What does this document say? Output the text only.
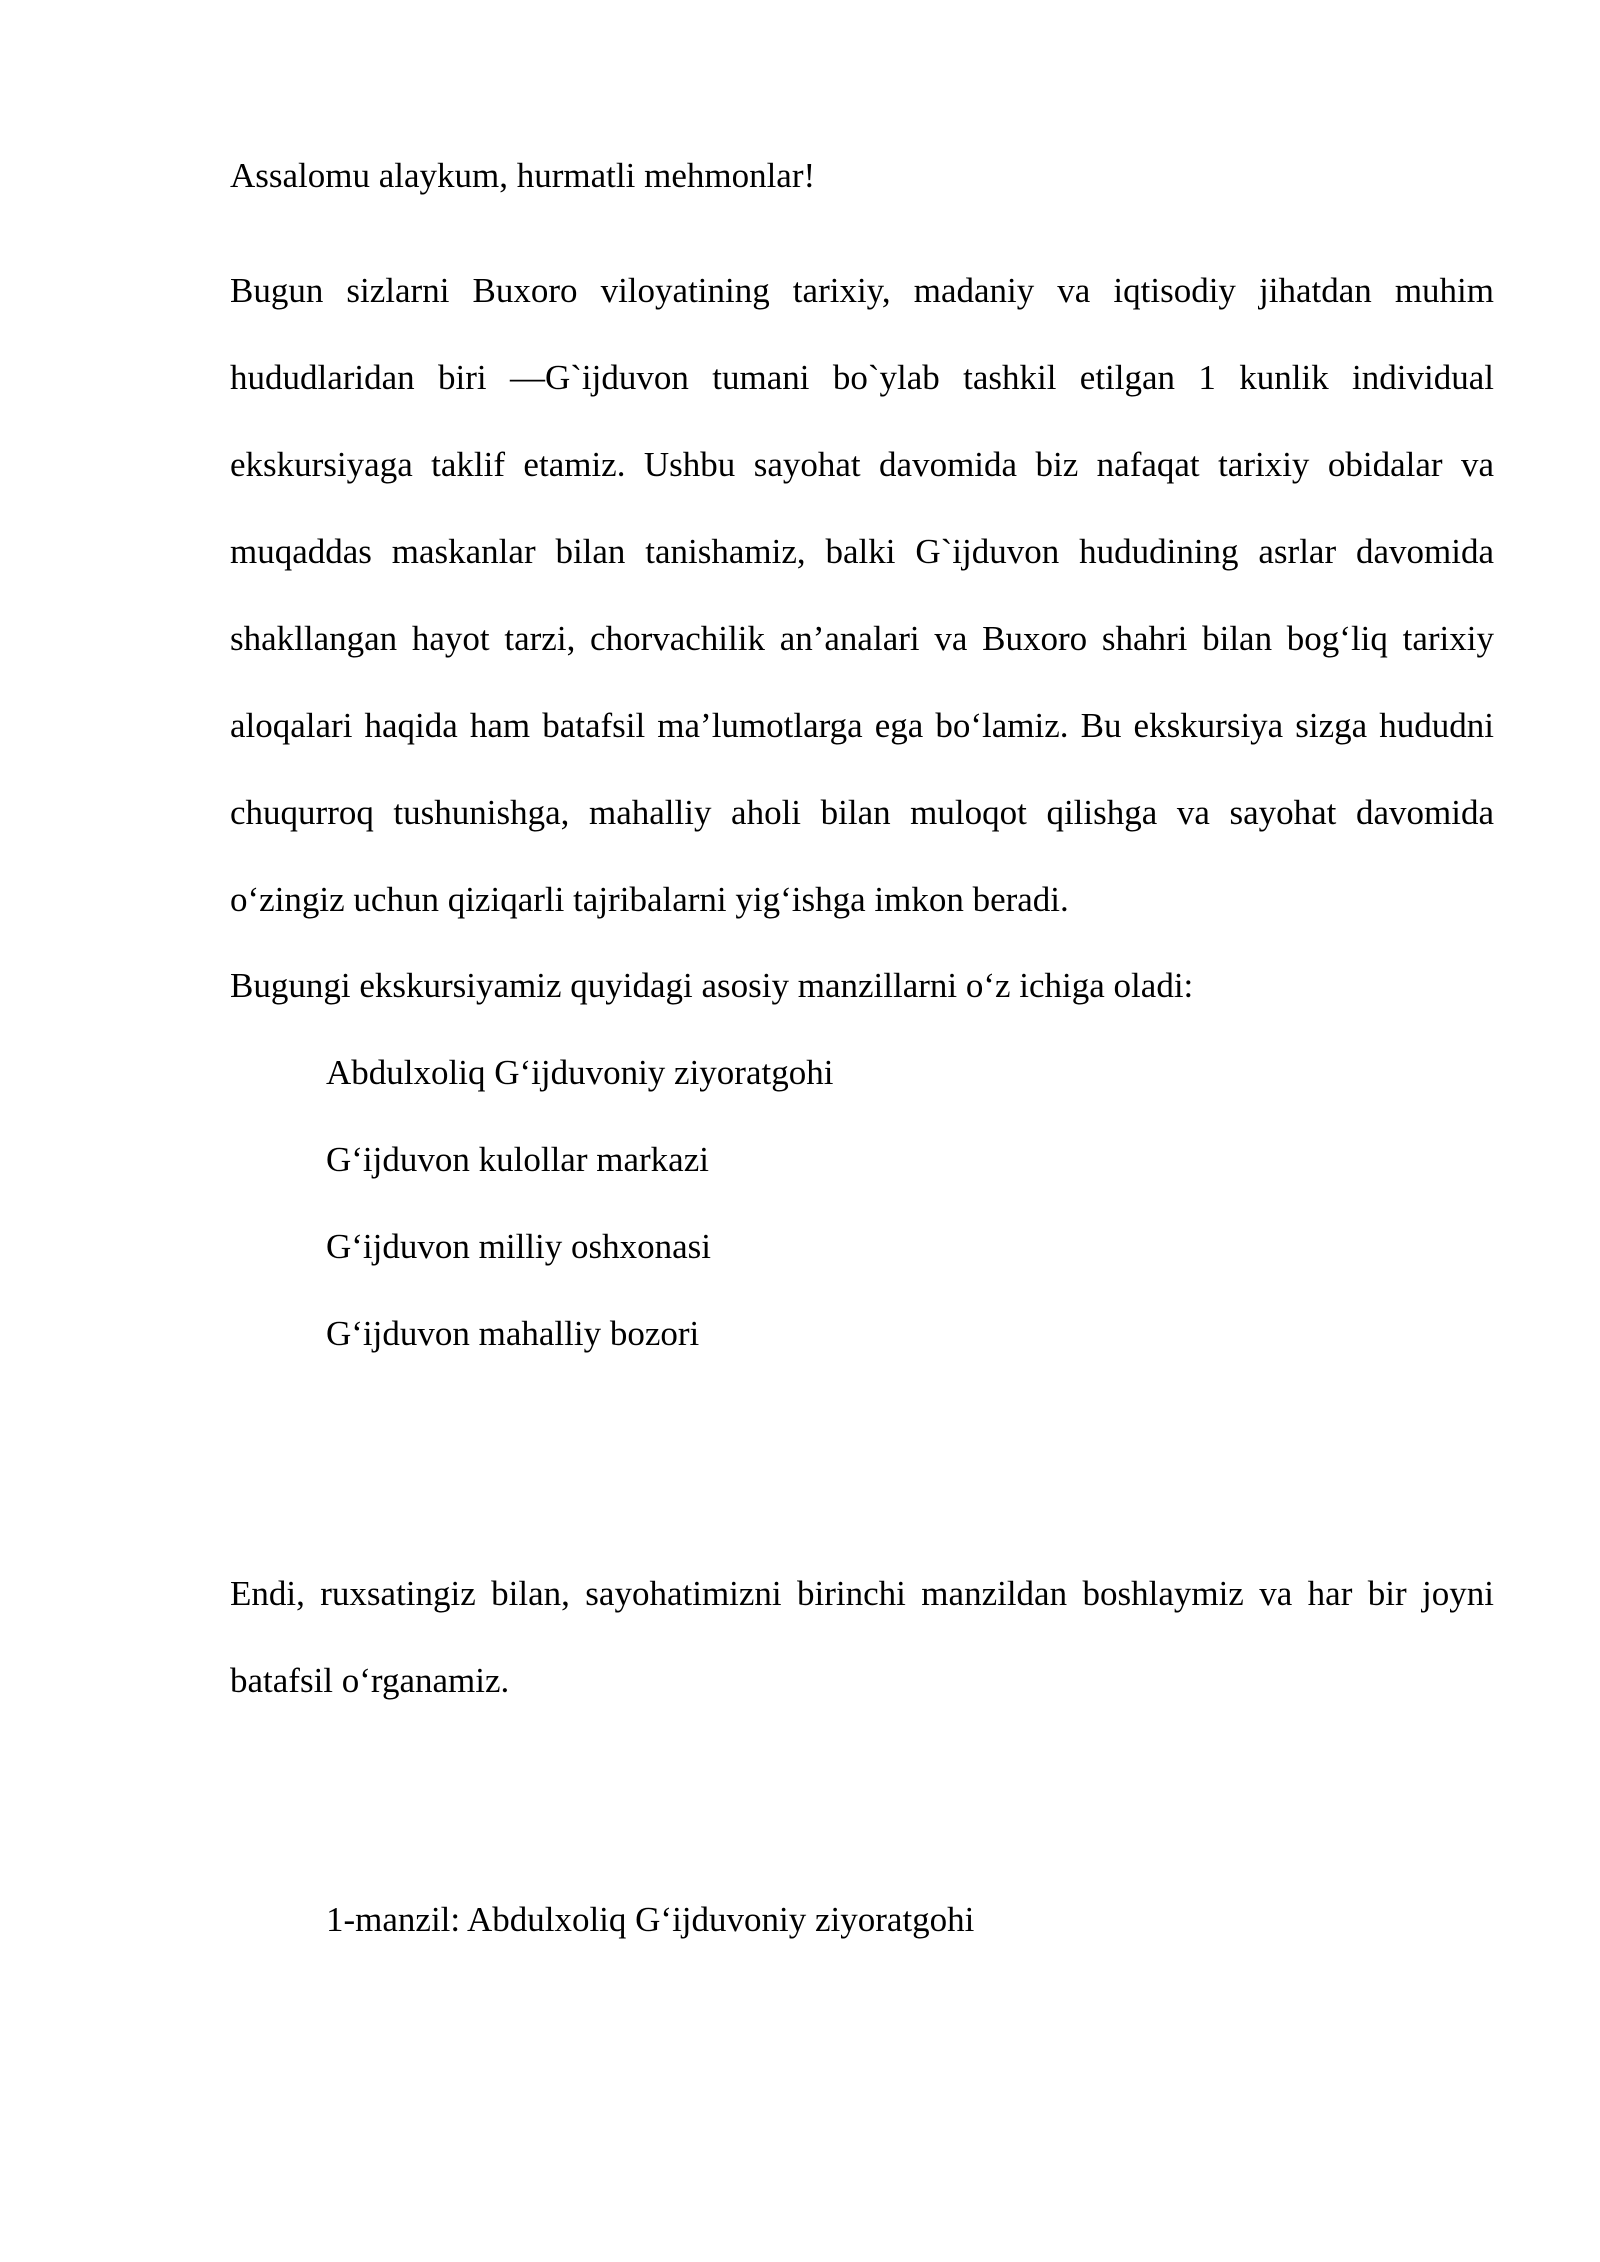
Assalomu alaykum, hurmatli mehmonlar!

Bugun sizlarni Buxoro viloyatining tarixiy, madaniy va iqtisodiy jihatdan muhim hududlaridan biri —G`ijduvon tumani bo`ylab tashkil etilgan 1 kunlik individual ekskursiyaga taklif etamiz. Ushbu sayohat davomida biz nafaqat tarixiy obidalar va muqaddas maskanlar bilan tanishamiz, balki G`ijduvon hududining asrlar davomida shakllangan hayot tarzi, chorvachilik an’analari va Buxoro shahri bilan bog‘liq tarixiy aloqalari haqida ham batafsil ma’lumotlarga ega bo‘lamiz. Bu ekskursiya sizga hududni chuqurroq tushunishga, mahalliy aholi bilan muloqot qilishga va sayohat davomida o‘zingiz uchun qiziqarli tajribalarni yig‘ishga imkon beradi.

Bugungi ekskursiyamiz quyidagi asosiy manzillarni o‘z ichiga oladi:

Abdulxoliq G‘ijduvoniy ziyoratgohi
G‘ijduvon kulollar markazi
G‘ijduvon milliy oshxonasi
G‘ijduvon mahalliy bozori

Endi, ruxsatingiz bilan, sayohatimizni birinchi manzildan boshlaymiz va har bir joyni batafsil o‘rganamiz.

1-manzil: Abdulxoliq G‘ijduvoniy ziyoratgohi
